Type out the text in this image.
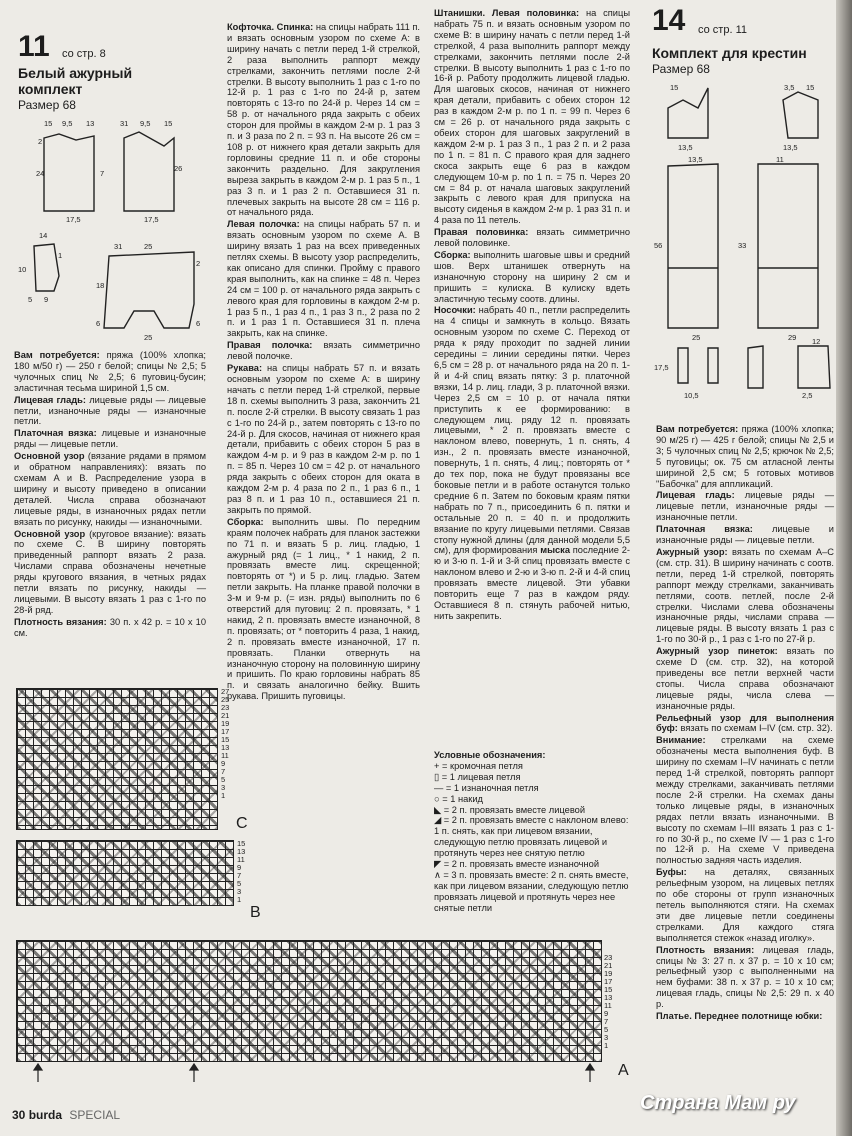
11 со стр. 8
Белый ажурный
комплект
Размер 68
15 9,5 13	31 9,5 15
24
26
7
17,5	17,5
2
14
31	25
10
5 9
1
18
2
6	6
25

Вам потребуется: пряжа (100% хлопка; 180 м/50 г) — 250 г белой; спицы № 2,5; 5 чулочных спиц № 2,5; 6 пуговиц-бусин; эластичная тесьма шириной 1,5 см.

Лицевая гладь: лицевые ряды — лицевые петли, изнаночные ряды — изнаночные петли.

Платочная вязка: лицевые и изнаночные ряды — лицевые петли.

Основной узор (вязание рядами в прямом и обратном направлениях): вязать по схемам А и В. Распределение узора в ширину и высоту приведено в описании деталей. Числа справа обозначают лицевые ряды, в изнаночных рядах петли вязать по рисунку, накиды — изнаночными.

Основной узор (круговое вязание): вязать по схеме С. В ширину повторять приведенный раппорт вязать 2 раза. Числами справа обозначены нечетные ряды кругового вязания, в четных рядах петли вязать по рисунку, накиды — лицевыми. В высоту вязать 1 раз с 1-го по 28-й ряд.

Плотность вязания: 30 п. х 42 р. = 10 х 10 см.

Кофточка. Спинка: на спицы набрать 111 п. и вязать основным узором по схеме А: в ширину начать с петли перед 1-й стрелкой, 2 раза выполнить раппорт между стрелками, закончить петлями после 2-й стрелки. В высоту выполнить 1 раз с 1-го по 12-й р. 1 раз с 1-го по 24-й р, затем повторять с 13-го по 24-й р. Через 14 см = 58 р. от начального ряда закрыть с обеих сторон для проймы в каждом 2-м р. 1 раз 3 п. и 3 раза по 2 п. = 93 п. На высоте 26 см = 108 р. от нижнего края детали закрыть для горловины средние 11 п. и обе стороны закончить раздельно. Для закругления выреза закрыть в каждом 2-м р. 1 раз 5 п., 1 раз 3 п. и 1 раз 2 п. Оставшиеся 31 п. плечевых закрыть на высоте 28 см = 116 р. от начального ряда.

Левая полочка: на спицы набрать 57 п. и вязать основным узором по схеме А. В ширину вязать 1 раз на всех приведенных петлях схемы. В высоту узор распределить, как описано для спинки. Пройму с правого края выполнить, как на спинке = 48 п. Через 24 см = 100 р. от начального ряда закрыть с левого края для горловины в каждом 2-м р. 1 раз 5 п., 1 раз 4 п., 1 раз 3 п., 2 раза по 2 п. и 1 раз 1 п. Оставшиеся 31 п. плеча закрыть, как на спинке.

Правая полочка: вязать симметрично левой полочке.

Рукава: на спицы набрать 57 п. и вязать основным узором по схеме А: в ширину начать с петли перед 1-й стрелкой, первые 18 п. схемы выполнить 3 раза, закончить 21 п. после 2-й стрелки. В высоту связать 1 раз с 1-го по 24-й р., затем повторять с 13-го по 24-й р. Для скосов, начиная от нижнего края детали, прибавить с обеих сторон 5 раз в каждом 4-м р. и 9 раз в каждом 2-м р. по 1 п. = 85 п. Через 10 см = 42 р. от начального ряда закрыть с обеих сторон для оката в каждом 2-м р. 4 раза по 2 п., 1 раз 6 п., 1 раз 8 п. и 1 раз 10 п., оставшиеся 21 п. закрыть по прямой.

Сборка: выполнить швы. По передним краям полочек набрать для планок застежки по 71 п. и вязать 5 р. лиц. гладью, 1 ажурный ряд (= 1 лиц., * 1 накид, 2 п. провязать вместе лиц. скрещенной; повторять от *) и 5 р. лиц. гладью. Затем петли закрыть. На планке правой полочки в 3-м и 9-м р. (= изн. ряды) выполнить по 6 отверстий для пуговиц: 2 п. провязать, * 1 накид, 2 п. провязать вместе изнаночной, 8 п. провязать; от * повторить 4 раза, 1 накид, 2 п. провязать вместе изнаночной, 17 п. провязать. Планки отвернуть на изнаночную сторону на половинную ширину и пришить. По краю горловины набрать 85 п. и связать аналогично бейку. Вшить рукава. Пришить пуговицы.

Штанишки. Левая половинка: на спицы набрать 75 п. и вязать основным узором по схеме В: в ширину начать с петли перед 1-й стрелкой, 4 раза выполнить раппорт между стрелками, закончить петлями после 2-й стрелки. В высоту выполнить 1 раз с 1-го по 16-й р. Работу продолжить лицевой гладью. Для шаговых скосов, начиная от нижнего края детали, прибавить с обеих сторон 12 раз в каждом 2-м р. по 1 п. = 99 п. Через 6 см = 26 р. от начального ряда закрыть с обеих сторон для шаговых закруглений в каждом 2-м р. 1 раз 3 п., 1 раз 2 п. и 2 раза по 1 п. = 81 п. С правого края для заднего скоса закрыть еще 6 раз в каждом следующем 10-м р. по 1 п. = 75 п. Через 20 см = 84 р. от начала шаговых закруглений закрыть с левого края для припуска на высоту сиденья в каждом 2-м р. 1 раз 31 п. и 4 раза по 11 петель.

Правая половинка: вязать симметрично левой половинке.

Сборка: выполнить шаговые швы и средний шов. Верх штанишек отвернуть на изнаночную сторону на ширину 2 см и пришить = кулиска. В кулиску вдеть эластичную тесьму соотв. длины.

Носочки: набрать 40 п., петли распределить на 4 спицы и замкнуть в кольцо. Вязать основным узором по схеме С. Переход от ряда к ряду проходит по задней линии середины = линии середины пятки. Через 6,5 см = 28 р. от начального ряда на 20 п. 1-й и 4-й спиц вязать пятку: 3 р. платочной вязки, 14 р. лиц. глади, 3 р. платочной вязки. Через 2,5 см = 10 р. от начала пятки приступить к ее формированию: в следующем лиц. ряду 12 п. провязать лицевыми, * 2 п. провязать вместе с наклоном влево, повернуть, 1 п. снять, 4 изн., 2 п. провязать вместе изнаночной, повернуть, 1 п. снять, 4 лиц.; повторять от * до тех пор, пока не будут провязаны все боковые петли и в работе останутся только средние 6 п. Затем по боковым краям пятки набрать по 7 п., присоединить 6 п. пятки и остальные 20 п. = 40 п. и продолжить вязание по кругу лицевыми петлями. Связав стопу нужной длины (для данной модели 5,5 см), для формирования мыска последние 2-ю и 3-ю п. 1-й и 3-й спиц провязать вместе с наклоном влево и 2-ю и 3-ю п. 2-й и 4-й спиц провязать вместе лицевой. Эти убавки повторить еще 7 раз в каждом ряду. Оставшиеся 8 п. стянуть рабочей нитью, нить закрепить.

Условные обозначения:
+ = кромочная петля
▯ = 1 лицевая петля
— = 1 изнаночная петля
○ = 1 накид
◣ = 2 п. провязать вместе лицевой
◢ = 2 п. провязать вместе с наклоном влево: 1 п. снять, как при лицевом вязании, следующую петлю провязать лицевой и протянуть через нее снятую петлю
◤ = 2 п. провязать вместе изнаночной
∧ = 3 п. провязать вместе: 2 п. снять вместе, как при лицевом вязании, следующую петлю провязать лицевой и протянуть через нее снятые петли
14 со стр. 11
Комплект для крестин
Размер 68
15
13,5
3,5 15
13,5
13,5	11
25	29
56	33
17,5
10,5
12
2,5

Вам потребуется: пряжа (100% хлопка; 90 м/25 г) — 425 г белой; спицы № 2,5 и 3; 5 чулочных спиц № 2,5; крючок № 2,5; 5 пуговицы; ок. 75 см атласной ленты шириной 2,5 см; 5 готовых мотивов "Бабочка" для аппликаций.

Лицевая гладь: лицевые ряды — лицевые петли, изнаночные ряды — изнаночные петли.

Платочная вязка: лицевые и изнаночные ряды — лицевые петли.

Ажурный узор: вязать по схемам А–С (см. стр. 31). В ширину начинать с соотв. петли, перед 1-й стрелкой, повторять раппорт между стрелками, заканчивать петлями, соотв. петлей, после 2-й стрелки. Числами слева обозначены изнаночные ряды, числами справа — лицевые ряды. В высоту вязать 1 раз с 1-го по 30-й р., 1 раз с 1-го по 27-й р.

Ажурный узор пинеток: вязать по схеме D (см. стр. 32), на которой приведены все петли верхней части стопы. Числа справа обозначают лицевые ряды, числа слева — изнаночные ряды.

Рельефный узор для выполнения буф: вязать по схемам I–IV (см. стр. 32).

Внимание: стрелками на схеме обозначены места выполнения буф. В ширину по схемам I–IV начинать с петли перед 1-й стрелкой, повторять раппорт между стрелками, заканчивать петлями после 2-й стрелки. На схемах даны только лицевые ряды, в изнаночных рядах петли вязать изнаночными. В высоту по схемам I–III вязать 1 раз с 1-го по 30-й р., по схеме IV — 1 раз с 1-го по 12-й р. На схеме V приведена полностью задняя часть изделия.

Буфы: на деталях, связанных рельефным узором, на лицевых петлях по обе стороны от групп изнаночных петель выполняются стяги. На схемах эти две лицевые петли соединены стрелками. Для каждого стяга выполняется стежок «назад иголку».

Плотность вязания: лицевая гладь, спицы № 3: 27 п. х 37 р. = 10 х 10 см; рельефный узор с выполненными на нем буфами: 38 п. х 37 р. = 10 х 10 см; лицевая гладь, спицы № 2,5: 29 п. х 40 р.

Платье. Переднее полотнище юбки:

27
25
23
21
19
17
15
13
11
9
7
5
3
1
C
15
13
11
9
7
5
3
1
B
23
21
19
17
15
13
11
9
7
5
3
1
A
30 burda SPECIAL
Страна Мам ру
